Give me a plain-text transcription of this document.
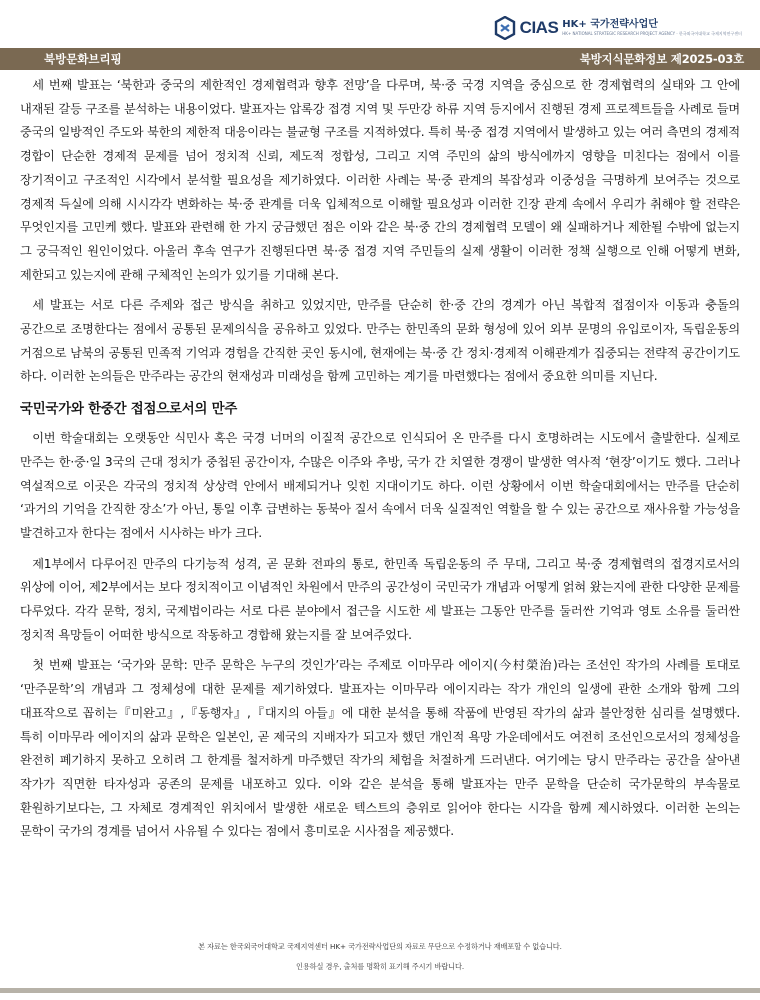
CIAS HK+ 국가전략사업단
HK+ NATIONAL STRATEGIC RESEARCH PROJECT AGENCY · 한국외국어대학교 국제지역연구센터
북방문화브리핑	북방지식문화정보 제2025-03호

세 번째 발표는 ‘북한과 중국의 제한적인 경제협력과 향후 전망’을 다루며, 북·중 국경 지역을 중심으로 한 경제협력의 실태와 그 안에 내재된 갈등 구조를 분석하는 내용이었다. 발표자는 압록강 접경 지역 및 두만강 하류 지역 등지에서 진행된 경제 프로젝트들을 사례로 들며 중국의 일방적인 주도와 북한의 제한적 대응이라는 불균형 구조를 지적하였다. 특히 북·중 접경 지역에서 발생하고 있는 여러 측면의 경제적 경합이 단순한 경제적 문제를 넘어 정치적 신뢰, 제도적 정합성, 그리고 지역 주민의 삶의 방식에까지 영향을 미친다는 점에서 이를 장기적이고 구조적인 시각에서 분석할 필요성을 제기하였다. 이러한 사례는 북·중 관계의 복잡성과 이중성을 극명하게 보여주는 것으로 경제적 득실에 의해 시시각각 변화하는 북·중 관계를 더욱 입체적으로 이해할 필요성과 이러한 긴장 관계 속에서 우리가 취해야 할 전략은 무엇인지를 고민케 했다. 발표와 관련해 한 가지 궁금했던 점은 이와 같은 북·중 간의 경제협력 모델이 왜 실패하거나 제한될 수밖에 없는지 그 궁극적인 원인이었다. 아울러 후속 연구가 진행된다면 북·중 접경 지역 주민들의 실제 생활이 이러한 정책 실행으로 인해 어떻게 변화, 제한되고 있는지에 관해 구체적인 논의가 있기를 기대해 본다.

세 발표는 서로 다른 주제와 접근 방식을 취하고 있었지만, 만주를 단순히 한·중 간의 경계가 아닌 복합적 접점이자 이동과 충돌의 공간으로 조명한다는 점에서 공통된 문제의식을 공유하고 있었다. 만주는 한민족의 문화 형성에 있어 외부 문명의 유입로이자, 독립운동의 거점으로 남북의 공통된 민족적 기억과 경험을 간직한 곳인 동시에, 현재에는 북·중 간 정치·경제적 이해관계가 집중되는 전략적 공간이기도 하다. 이러한 논의들은 만주라는 공간의 현재성과 미래성을 함께 고민하는 계기를 마련했다는 점에서 중요한 의미를 지닌다.

국민국가와 한중간 접점으로서의 만주

이번 학술대회는 오랫동안 식민사 혹은 국경 너머의 이질적 공간으로 인식되어 온 만주를 다시 호명하려는 시도에서 출발한다. 실제로 만주는 한·중·일 3국의 근대 정치가 중첩된 공간이자, 수많은 이주와 추방, 국가 간 치열한 경쟁이 발생한 역사적 ‘현장’이기도 했다. 그러나 역설적으로 이곳은 각국의 정치적 상상력 안에서 배제되거나 잊힌 지대이기도 하다. 이런 상황에서 이번 학술대회에서는 만주를 단순히 ‘과거의 기억을 간직한 장소’가 아닌, 통일 이후 급변하는 동북아 질서 속에서 더욱 실질적인 역할을 할 수 있는 공간으로 재사유할 가능성을 발견하고자 한다는 점에서 시사하는 바가 크다.

제1부에서 다루어진 만주의 다기능적 성격, 곧 문화 전파의 통로, 한민족 독립운동의 주 무대, 그리고 북·중 경제협력의 접경지로서의 위상에 이어, 제2부에서는 보다 정치적이고 이념적인 차원에서 만주의 공간성이 국민국가 개념과 어떻게 얽혀 왔는지에 관한 다양한 문제를 다루었다. 각각 문학, 정치, 국제법이라는 서로 다른 분야에서 접근을 시도한 세 발표는 그동안 만주를 둘러싼 기억과 영토 소유를 둘러싼 정치적 욕망들이 어떠한 방식으로 작동하고 경합해 왔는지를 잘 보여주었다.

첫 번째 발표는 ‘국가와 문학: 만주 문학은 누구의 것인가’라는 주제로 이마무라 에이지(今村榮治)라는 조선인 작가의 사례를 토대로 ‘만주문학’의 개념과 그 정체성에 대한 문제를 제기하였다. 발표자는 이마무라 에이지라는 작가 개인의 일생에 관한 소개와 함께 그의 대표작으로 꼽히는『미완고』,『동행자』,『대지의 아들』에 대한 분석을 통해 작품에 반영된 작가의 삶과 불안정한 심리를 설명했다. 특히 이마무라 에이지의 삶과 문학은 일본인, 곧 제국의 지배자가 되고자 했던 개인적 욕망 가운데에서도 여전히 조선인으로서의 정체성을 완전히 폐기하지 못하고 오히려 그 한계를 철저하게 마주했던 작가의 체험을 처절하게 드러낸다. 여기에는 당시 만주라는 공간을 살아낸 작가가 직면한 타자성과 공존의 문제를 내포하고 있다. 이와 같은 분석을 통해 발표자는 만주 문학을 단순히 국가문학의 부속물로 환원하기보다는, 그 자체로 경계적인 위치에서 발생한 새로운 텍스트의 층위로 읽어야 한다는 시각을 함께 제시하였다. 이러한 논의는 문학이 국가의 경계를 넘어서 사유될 수 있다는 점에서 흥미로운 시사점을 제공했다.

본 자료는 한국외국어대학교 국제지역센터 HK+ 국가전략사업단의 자료로 무단으로 수정하거나 재배포할 수 없습니다.
인용하실 경우, 출처를 명확히 표기해 주시기 바랍니다.
